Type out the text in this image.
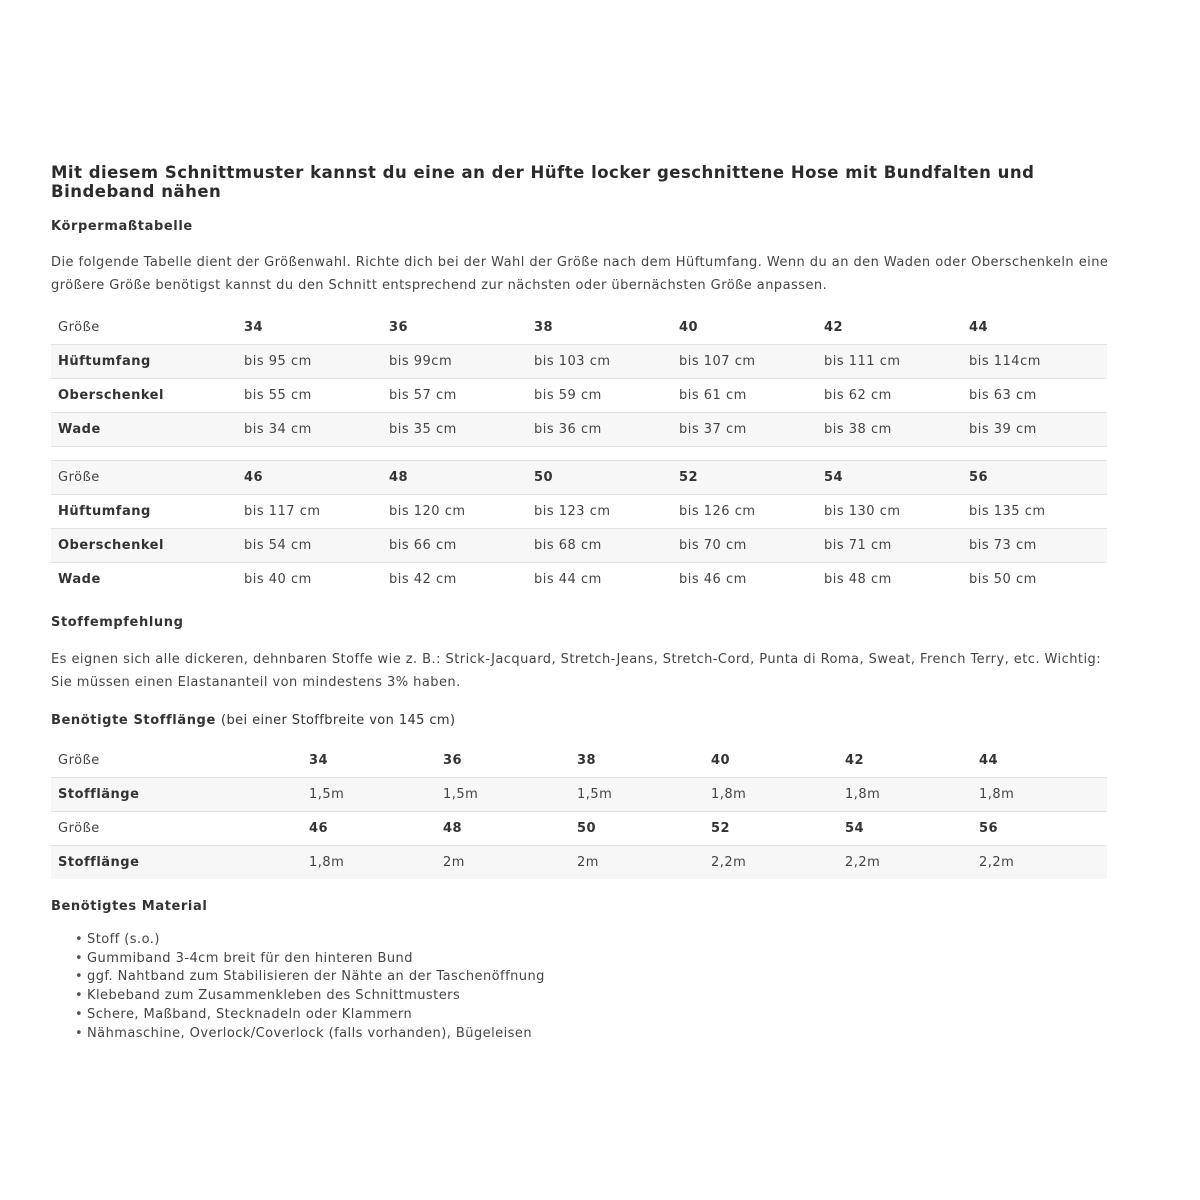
Mit diesem Schnittmuster kannst du eine an der Hüfte locker geschnittene Hose mit Bundfalten und Bindeband nähen
Körpermaßtabelle

Die folgende Tabelle dient der Größenwahl. Richte dich bei der Wahl der Größe nach dem Hüftumfang. Wenn du an den Waden oder Oberschenkeln eine größere Größe benötigst kannst du den Schnitt entsprechend zur nächsten oder übernächsten Größe anpassen.

Größe	34	36	38	40	42	44
Hüftumfang	bis 95 cm	bis 99cm	bis 103 cm	bis 107 cm	bis 111 cm	bis 114cm
Oberschenkel	bis 55 cm	bis 57 cm	bis 59 cm	bis 61 cm	bis 62 cm	bis 63 cm
Wade	bis 34 cm	bis 35 cm	bis 36 cm	bis 37 cm	bis 38 cm	bis 39 cm

Größe	46	48	50	52	54	56
Hüftumfang	bis 117 cm	bis 120 cm	bis 123 cm	bis 126 cm	bis 130 cm	bis 135 cm
Oberschenkel	bis 54 cm	bis 66 cm	bis 68 cm	bis 70 cm	bis 71 cm	bis 73 cm
Wade	bis 40 cm	bis 42 cm	bis 44 cm	bis 46 cm	bis 48 cm	bis 50 cm
Stoffempfehlung

Es eignen sich alle dickeren, dehnbaren Stoffe wie z. B.: Strick-Jacquard, Stretch-Jeans, Stretch-Cord, Punta di Roma, Sweat, French Terry, etc. Wichtig: Sie müssen einen Elastananteil von mindestens 3% haben.

Benötigte Stofflänge (bei einer Stoffbreite von 145 cm)
Größe	34	36	38	40	42	44
Stofflänge	1,5m	1,5m	1,5m	1,8m	1,8m	1,8m
Größe	46	48	50	52	54	56
Stofflänge	1,8m	2m	2m	2,2m	2,2m	2,2m
Benötigtes Material
• Stoff (s.o.)
• Gummiband 3-4cm breit für den hinteren Bund
• ggf. Nahtband zum Stabilisieren der Nähte an der Taschenöffnung
• Klebeband zum Zusammenkleben des Schnittmusters
• Schere, Maßband, Stecknadeln oder Klammern
• Nähmaschine, Overlock/Coverlock (falls vorhanden), Bügeleisen
